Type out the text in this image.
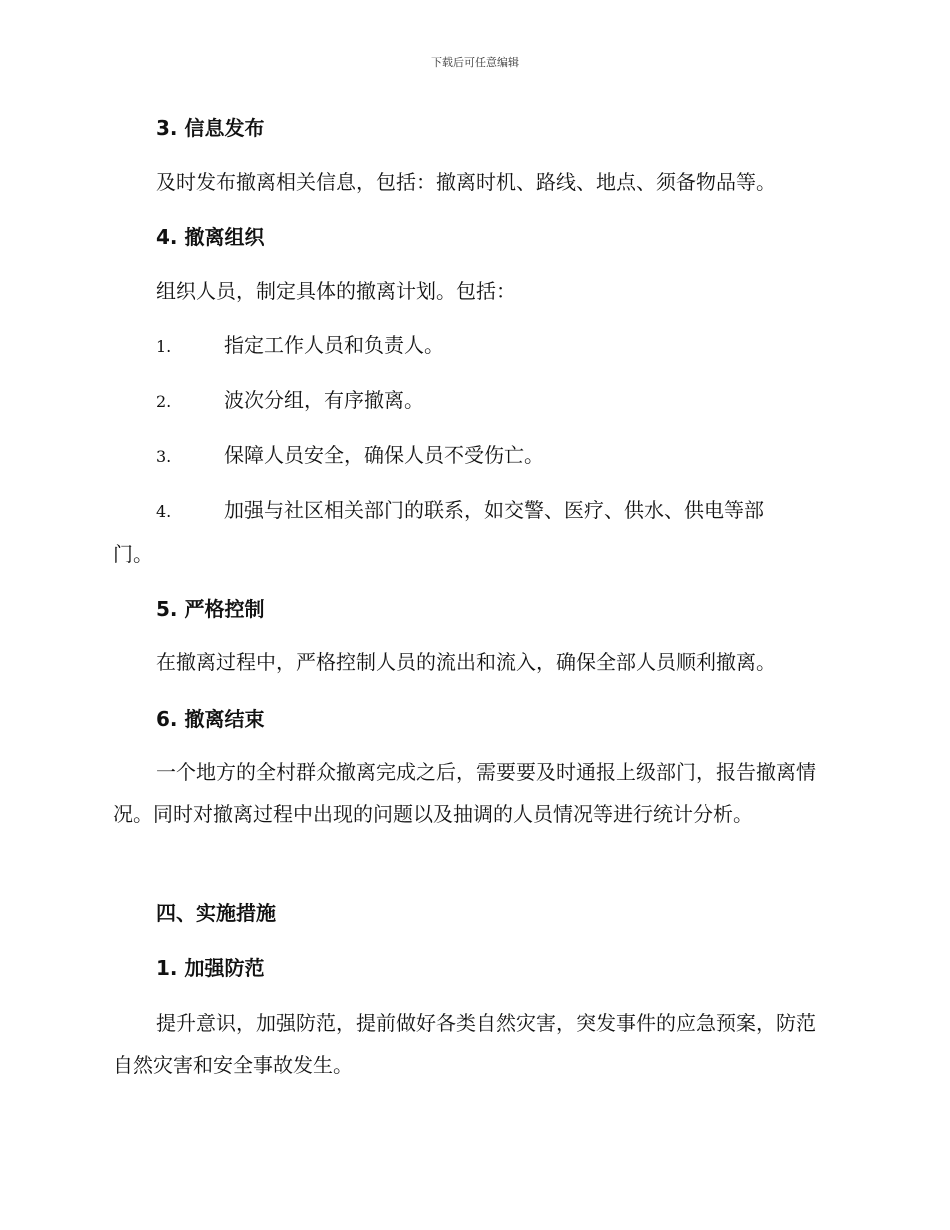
下载后可任意编辑
3. 信息发布
及时发布撤离相关信息，包括：撤离时机、路线、地点、须备物品等。
4. 撤离组织
组织人员，制定具体的撤离计划。包括：
1.	指定工作人员和负责人。
2.	波次分组，有序撤离。
3.	保障人员安全，确保人员不受伤亡。
4.	加强与社区相关部门的联系，如交警、医疗、供水、供电等部
门。
5. 严格控制
在撤离过程中，严格控制人员的流出和流入，确保全部人员顺利撤离。
6. 撤离结束
一个地方的全村群众撤离完成之后，需要要及时通报上级部门，报告撤离情况。同时对撤离过程中出现的问题以及抽调的人员情况等进行统计分析。
四、实施措施
1. 加强防范
提升意识，加强防范，提前做好各类自然灾害，突发事件的应急预案，防范自然灾害和安全事故发生。
